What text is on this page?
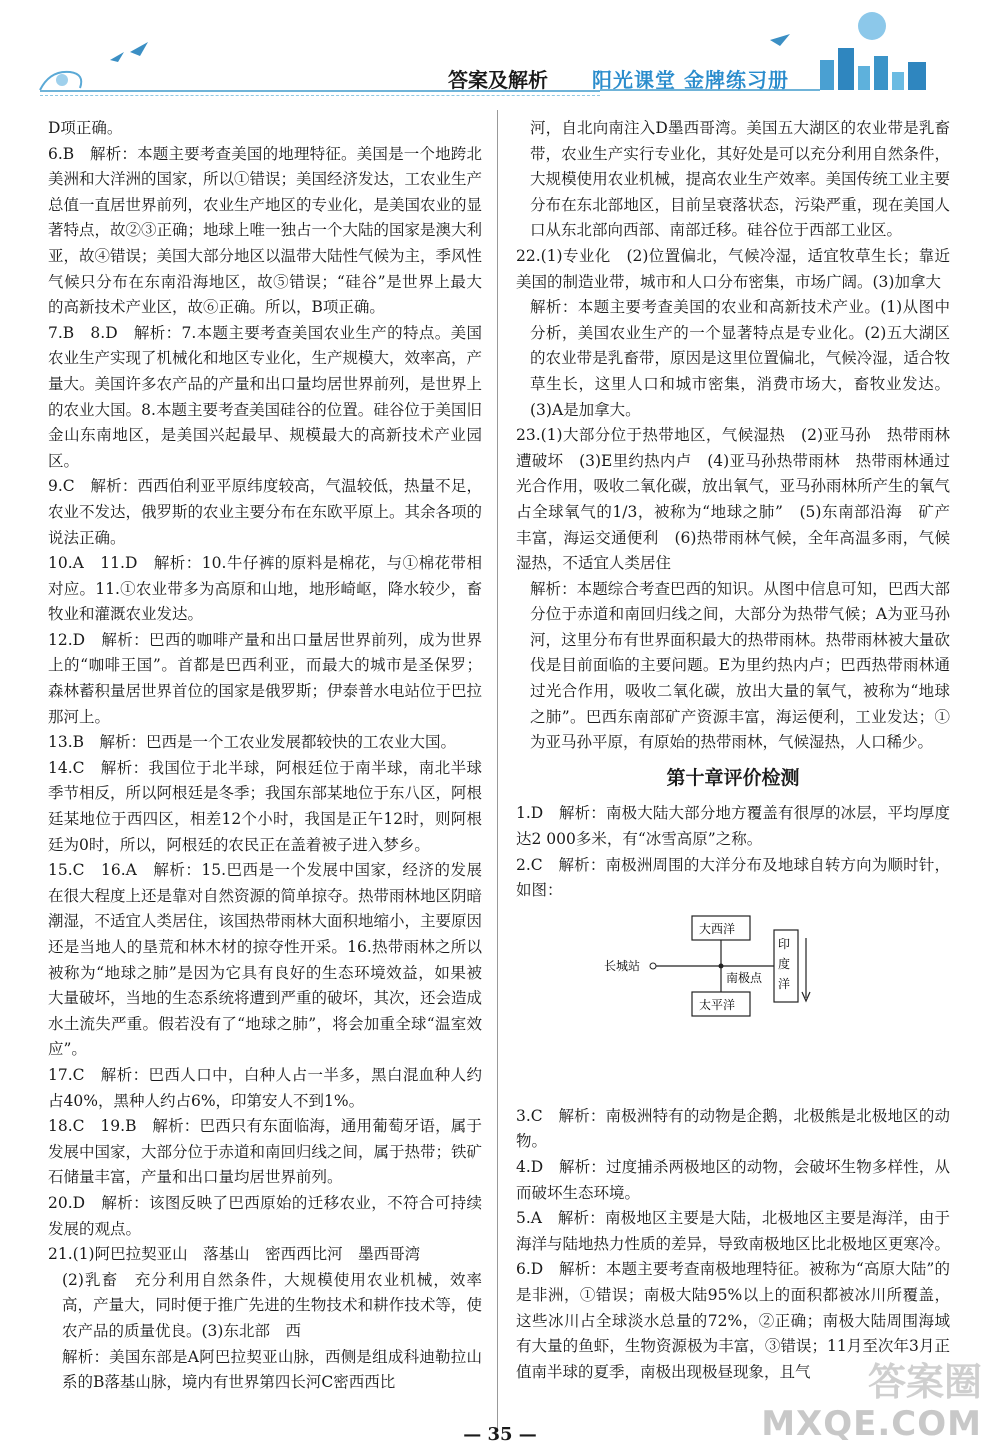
答案及解析 阳光课堂 金牌练习册

D项正确。

6.B　解析：本题主要考查美国的地理特征。美国是一个地跨北美洲和大洋洲的国家，所以①错误；美国经济发达，工农业生产总值一直居世界前列，农业生产地区的专业化，是美国农业的显著特点，故②③正确；地球上唯一独占一个大陆的国家是澳大利亚，故④错误；美国大部分地区以温带大陆性气候为主，季风性气候只分布在东南沿海地区，故⑤错误；“硅谷”是世界上最大的高新技术产业区，故⑥正确。所以，B项正确。

7.B　8.D　解析：7.本题主要考查美国农业生产的特点。美国农业生产实现了机械化和地区专业化，生产规模大，效率高，产量大。美国许多农产品的产量和出口量均居世界前列，是世界上的农业大国。8.本题主要考查美国硅谷的位置。硅谷位于美国旧金山东南地区，是美国兴起最早、规模最大的高新技术产业园区。

9.C　解析：西西伯利亚平原纬度较高，气温较低，热量不足，农业不发达，俄罗斯的农业主要分布在东欧平原上。其余各项的说法正确。

10.A　11.D　解析：10.牛仔裤的原料是棉花，与①棉花带相对应。11.①农业带多为高原和山地，地形崎岖，降水较少，畜牧业和灌溉农业发达。

12.D　解析：巴西的咖啡产量和出口量居世界前列，成为世界上的“咖啡王国”。首都是巴西利亚，而最大的城市是圣保罗；森林蓄积量居世界首位的国家是俄罗斯；伊泰普水电站位于巴拉那河上。

13.B　解析：巴西是一个工农业发展都较快的工农业大国。

14.C　解析：我国位于北半球，阿根廷位于南半球，南北半球季节相反，所以阿根廷是冬季；我国东部某地位于东八区，阿根廷某地位于西四区，相差12个小时，我国是正午12时，则阿根廷为0时，所以，阿根廷的农民正在盖着被子进入梦乡。

15.C　16.A　解析：15.巴西是一个发展中国家，经济的发展在很大程度上还是靠对自然资源的简单掠夺。热带雨林地区阴暗潮湿，不适宜人类居住，该国热带雨林大面积地缩小，主要原因还是当地人的垦荒和林木材的掠夺性开采。16.热带雨林之所以被称为“地球之肺”是因为它具有良好的生态环境效益，如果被大量破坏，当地的生态系统将遭到严重的破坏，其次，还会造成水土流失严重。假若没有了“地球之肺”，将会加重全球“温室效应”。

17.C　解析：巴西人口中，白种人占一半多，黑白混血种人约占40%，黑种人约占6%，印第安人不到1%。

18.C　19.B　解析：巴西只有东面临海，通用葡萄牙语，属于发展中国家，大部分位于赤道和南回归线之间，属于热带；铁矿石储量丰富，产量和出口量均居世界前列。

20.D　解析：该图反映了巴西原始的迁移农业，不符合可持续发展的观点。

21.(1)阿巴拉契亚山　落基山　密西西比河　墨西哥湾

(2)乳畜　充分利用自然条件，大规模使用农业机械，效率高，产量大，同时便于推广先进的生物技术和耕作技术等，使农产品的质量优良。(3)东北部　西

解析：美国东部是A阿巴拉契亚山脉，西侧是组成科迪勒拉山系的B落基山脉，境内有世界第四长河C密西西比

河，自北向南注入D墨西哥湾。美国五大湖区的农业带是乳畜带，农业生产实行专业化，其好处是可以充分利用自然条件，大规模使用农业机械，提高农业生产效率。美国传统工业主要分布在东北部地区，目前呈衰落状态，污染严重，现在美国人口从东北部向西部、南部迁移。硅谷位于西部工业区。

22.(1)专业化　(2)位置偏北，气候冷湿，适宜牧草生长；靠近美国的制造业带，城市和人口分布密集，市场广阔。(3)加拿大

解析：本题主要考查美国的农业和高新技术产业。(1)从图中分析，美国农业生产的一个显著特点是专业化。(2)五大湖区的农业带是乳畜带，原因是这里位置偏北，气候冷湿，适合牧草生长，这里人口和城市密集，消费市场大，畜牧业发达。(3)A是加拿大。

23.(1)大部分位于热带地区，气候湿热　(2)亚马孙　热带雨林遭破坏　(3)E里约热内卢　(4)亚马孙热带雨林　热带雨林通过光合作用，吸收二氧化碳，放出氧气，亚马孙雨林所产生的氧气占全球氧气的1/3，被称为“地球之肺”　(5)东南部沿海　矿产丰富，海运交通便利　(6)热带雨林气候，全年高温多雨，气候湿热，不适宜人类居住

解析：本题综合考查巴西的知识。从图中信息可知，巴西大部分位于赤道和南回归线之间，大部分为热带气候；A为亚马孙河，这里分布有世界面积最大的热带雨林。热带雨林被大量砍伐是目前面临的主要问题。E为里约热内卢；巴西热带雨林通过光合作用，吸收二氧化碳，放出大量的氧气，被称为“地球之肺”。巴西东南部矿产资源丰富，海运便利，工业发达；①为亚马孙平原，有原始的热带雨林，气候湿热，人口稀少。

第十章评价检测

1.D　解析：南极大陆大部分地方覆盖有很厚的冰层，平均厚度达2 000多米，有“冰雪高原”之称。

2.C　解析：南极洲周围的大洋分布及地球自转方向为顺时针，如图：

大西洋
太平洋
长城站
南极点
印
度
洋

3.C　解析：南极洲特有的动物是企鹅，北极熊是北极地区的动物。

4.D　解析：过度捕杀两极地区的动物，会破坏生物多样性，从而破坏生态环境。

5.A　解析：南极地区主要是大陆，北极地区主要是海洋，由于海洋与陆地热力性质的差异，导致南极地区比北极地区更寒冷。

6.D　解析：本题主要考查南极地理特征。被称为“高原大陆”的是非洲，①错误；南极大陆95%以上的面积都被冰川所覆盖，这些冰川占全球淡水总量的72%，②正确；南极大陆周围海域有大量的鱼虾，生物资源极为丰富，③错误；11月至次年3月正值南半球的夏季，南极出现极昼现象，且气

— 35 —
答案圈
MXQE.COM
